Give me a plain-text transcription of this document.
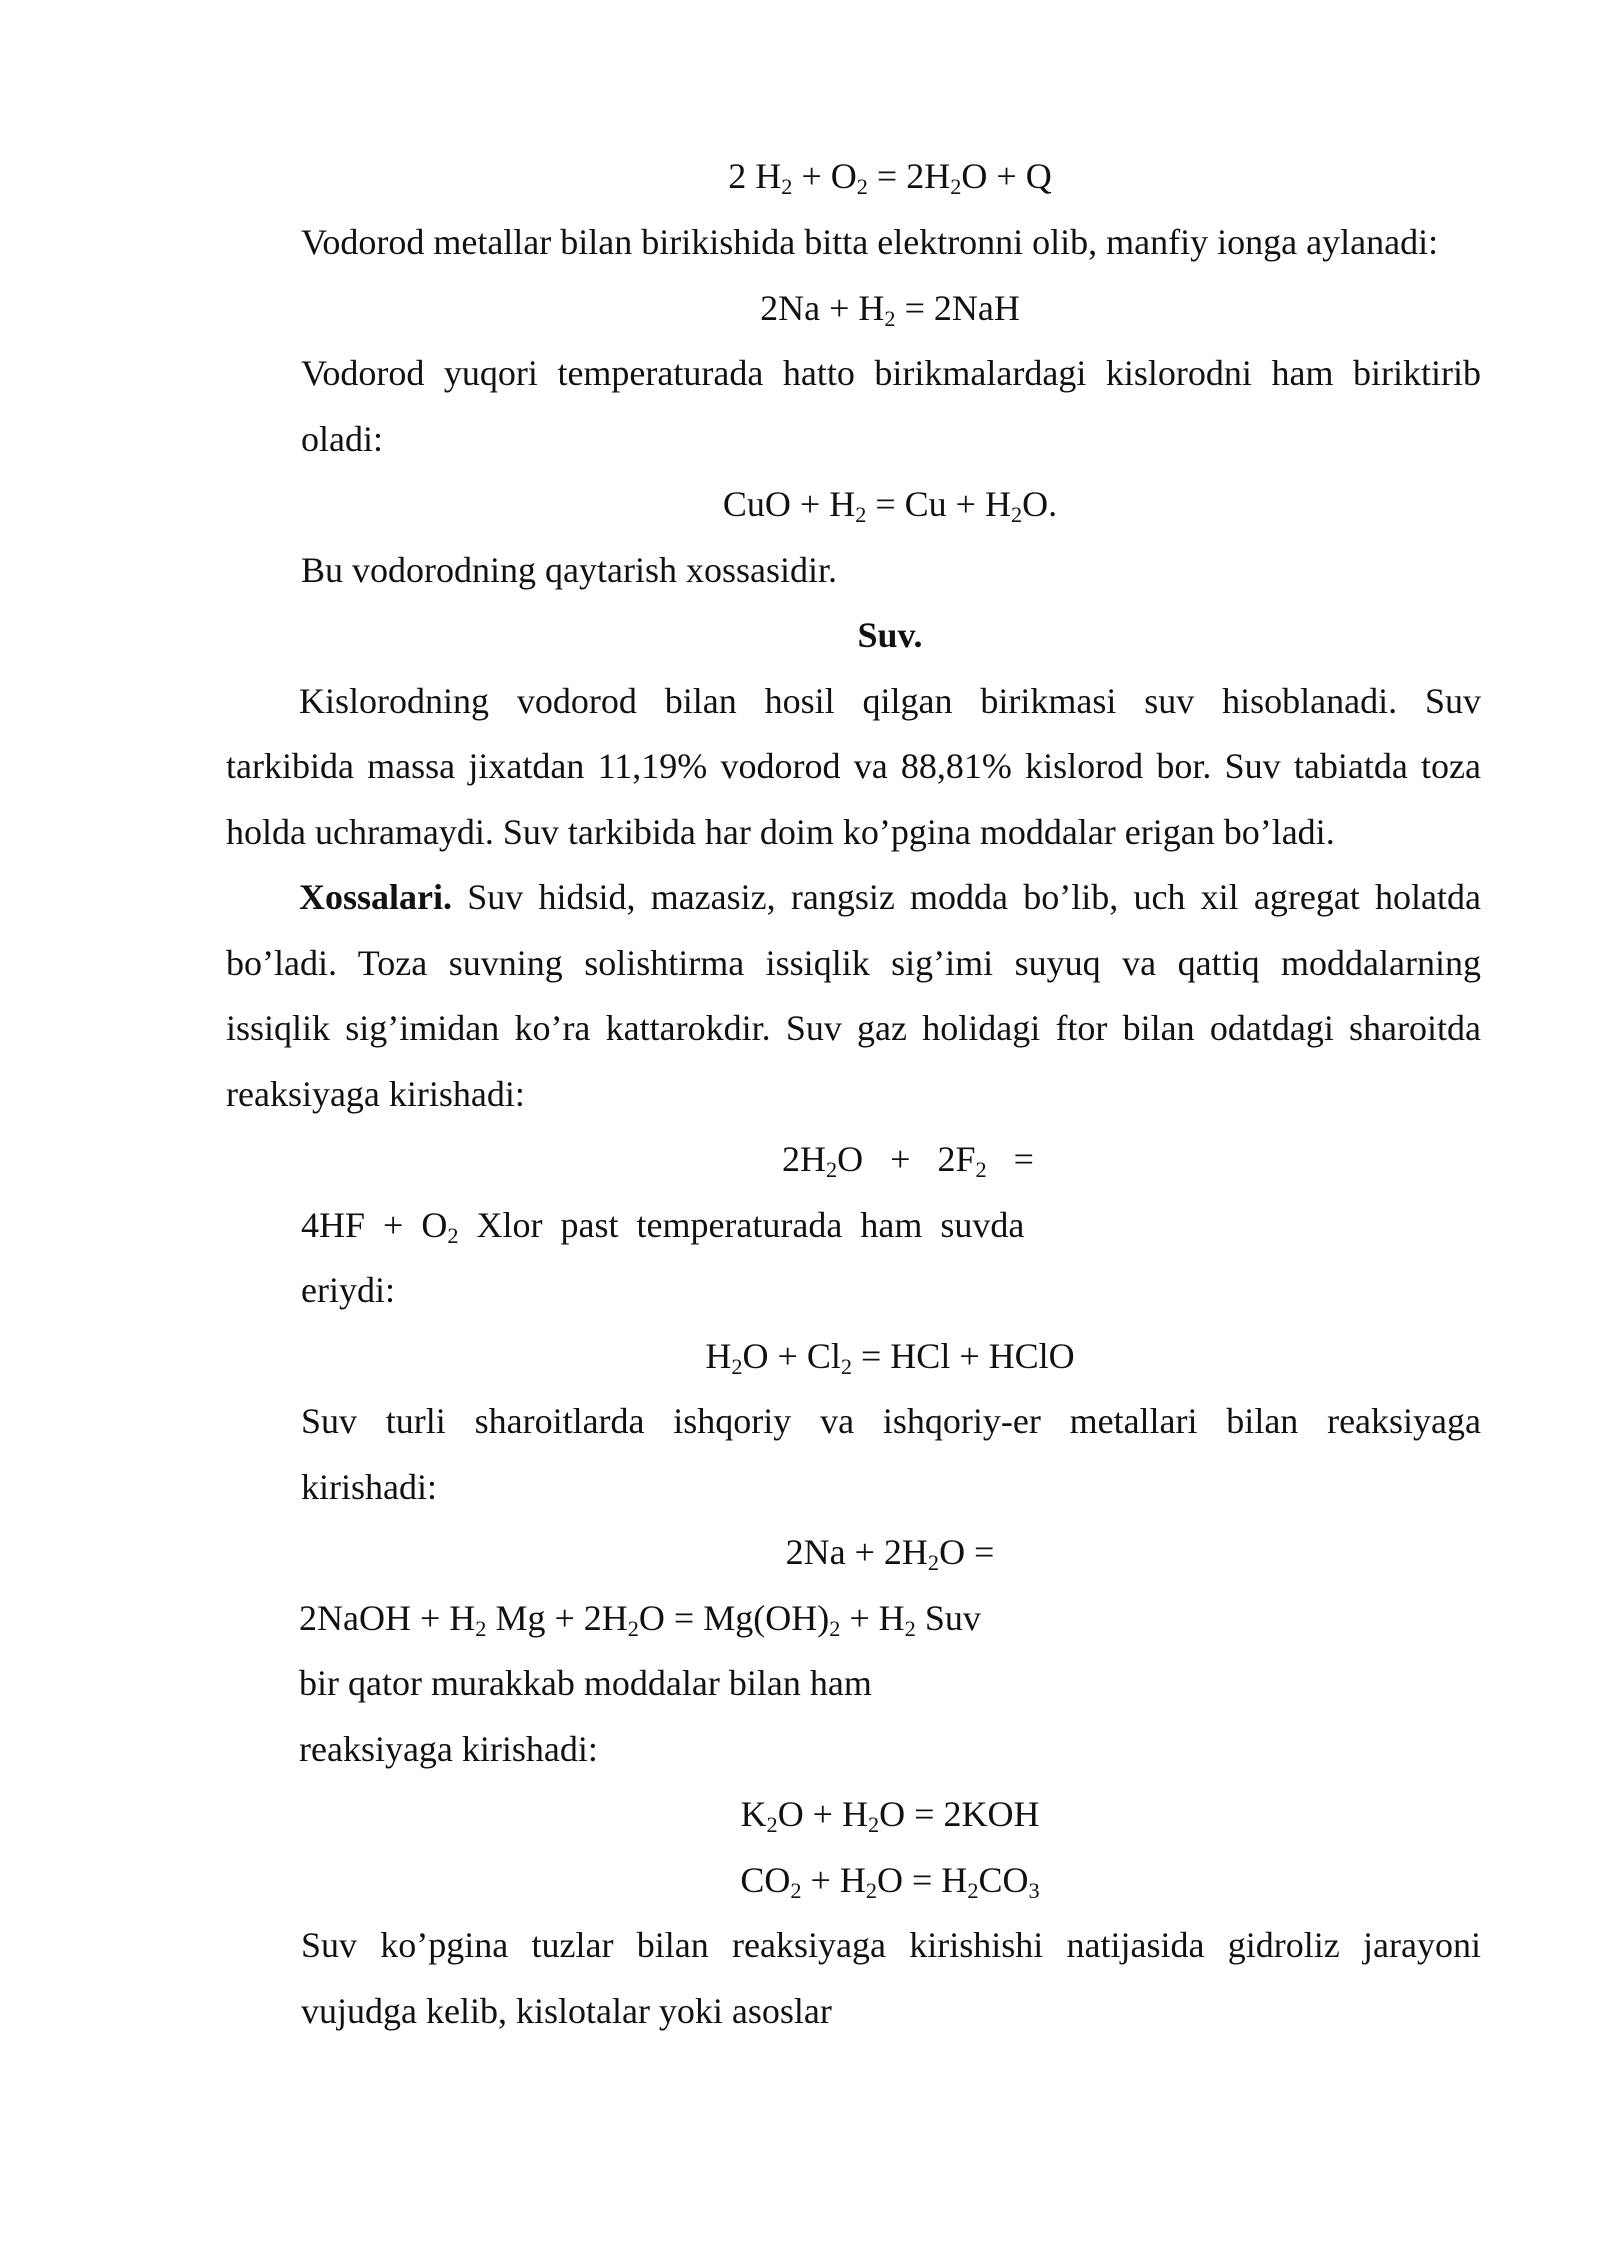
2 $H_2 + O_2 = 2H_2O + Q$
Vodorod metallar bilan birikishida bitta elektronni olib, manfiy ionga aylanadi:
$2Na + H_2 = 2NaH$
Vodorod yuqori temperaturada hatto birikmalardagi kislorodni ham biriktirib
oladi:
CuO + $H_2 = Cu + H_2O$.
Bu vodorodning qaytarish xossasidir.
Suv.
Kislorodning vodorod bilan hosil qilgan birikmasi suv hisoblanadi. Suv
tarkibida massa jixatdan 11,19% vodorod va 88,81% kislorod bor. Suv tabiatda toza
holda uchramaydi. Suv tarkibida har doim ko’pgina moddalar erigan bo’ladi.
Xossalari. Suv hidsid, mazasiz, rangsiz modda bo’lib, uch xil agregat holatda
bo’ladi. Toza suvning solishtirma issiqlik sig’imi suyuq va qattiq moddalarning
issiqlik sig’imidan ko’ra kattarokdir. Suv gaz holidagi ftor bilan odatdagi sharoitda
reaksiyaga kirishadi:
$2H_2O + 2F_2$   =
$4HF + O_2$  Xlor  past  temperaturada  ham  suvda
eriydi:
$H_2O + Cl_2$ = HCl + HClO
Suv turli sharoitlarda ishqoriy va ishqoriy-er metallari bilan reaksiyaga
kirishadi:
$2Na + 2H_2O$ =
2NaOH + $H_2$ $Mg + 2H_2O = Mg(OH)_2 + H_2$ Suv
bir qator murakkab moddalar bilan ham
reaksiyaga kirishadi:
$K_2O + H_2O = 2KOH$
$CO_2 + H_2O = H_2CO_3$
Suv ko’pgina tuzlar bilan reaksiyaga kirishishi natijasida gidroliz jarayoni
vujudga kelib, kislotalar yoki asoslar
